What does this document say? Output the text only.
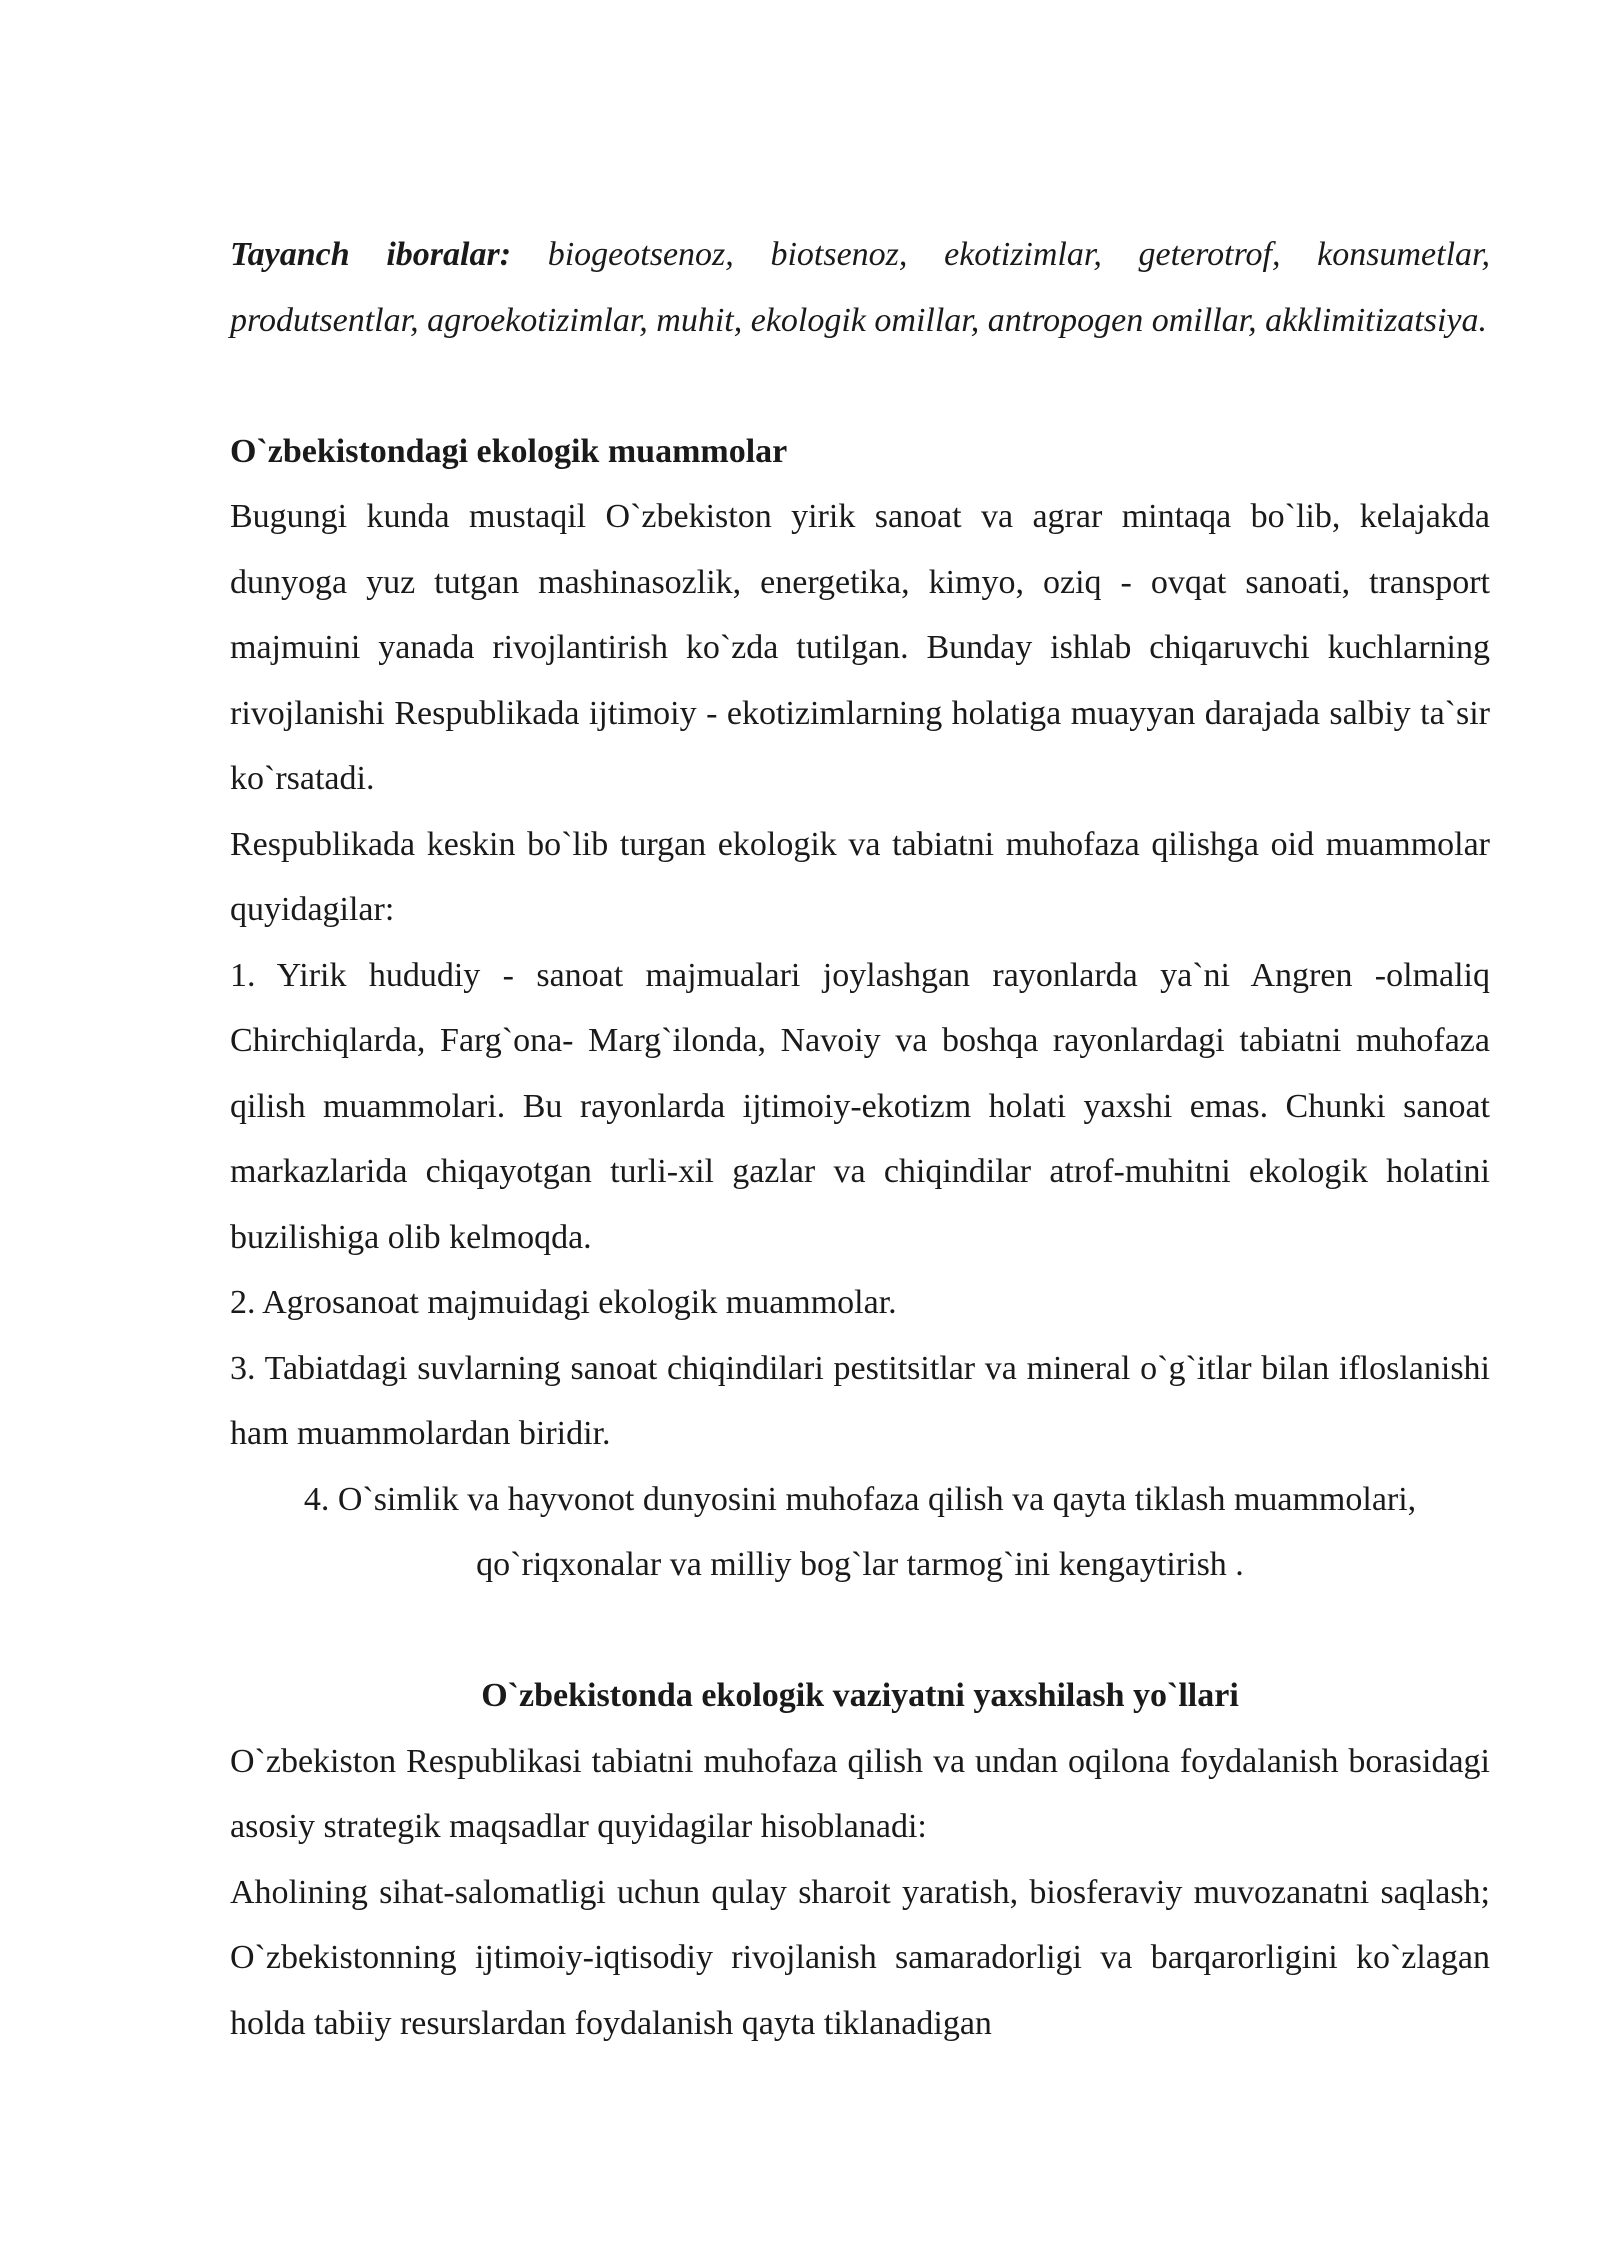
Tayanch iboralar: biogeotsenoz, biotsenoz, ekotizimlar, geterotrof, konsumetlar, produtsentlar, agroekotizimlar, muhit, ekologik omillar, antropogen omillar, akklimitizatsiya.

O`zbekistondagi ekologik muammolar

Bugungi kunda mustaqil O`zbekiston yirik sanoat va agrar mintaqa bo`lib, kelajakda dunyoga yuz tutgan mashinasozlik, energetika, kimyo, oziq - ovqat sanoati, transport majmuini yanada rivojlantirish ko`zda tutilgan. Bunday ishlab chiqaruvchi kuchlarning rivojlanishi Respublikada ijtimoiy - ekotizimlarning holatiga muayyan darajada salbiy ta`sir ko`rsatadi.

Respublikada keskin bo`lib turgan ekologik va tabiatni muhofaza qilishga oid muammolar quyidagilar:

1. Yirik hududiy - sanoat majmualari joylashgan rayonlarda ya`ni Angren -olmaliq Chirchiqlarda, Farg`ona- Marg`ilonda, Navoiy va boshqa rayonlardagi tabiatni muhofaza qilish muammolari. Bu rayonlarda ijtimoiy-ekotizm holati yaxshi emas. Chunki sanoat markazlarida chiqayotgan turli-xil gazlar va chiqindilar atrof-muhitni ekologik holatini buzilishiga olib kelmoqda.

2. Agrosanoat majmuidagi ekologik muammolar.

3. Tabiatdagi suvlarning sanoat chiqindilari pestitsitlar va mineral o`g`itlar bilan ifloslanishi ham muammolardan biridir.

4. O`simlik va hayvonot dunyosini muhofaza qilish va qayta tiklash muammolari,
qo`riqxonalar va milliy bog`lar tarmog`ini kengaytirish .

O`zbekistonda ekologik vaziyatni yaxshilash yo`llari

O`zbekiston Respublikasi tabiatni muhofaza qilish va undan oqilona foydalanish borasidagi asosiy strategik maqsadlar quyidagilar hisoblanadi:

Aholining sihat-salomatligi uchun qulay sharoit yaratish, biosferaviy muvozanatni saqlash; O`zbekistonning ijtimoiy-iqtisodiy rivojlanish samaradorligi va barqarorligini ko`zlagan holda tabiiy resurslardan foydalanish qayta tiklanadigan
